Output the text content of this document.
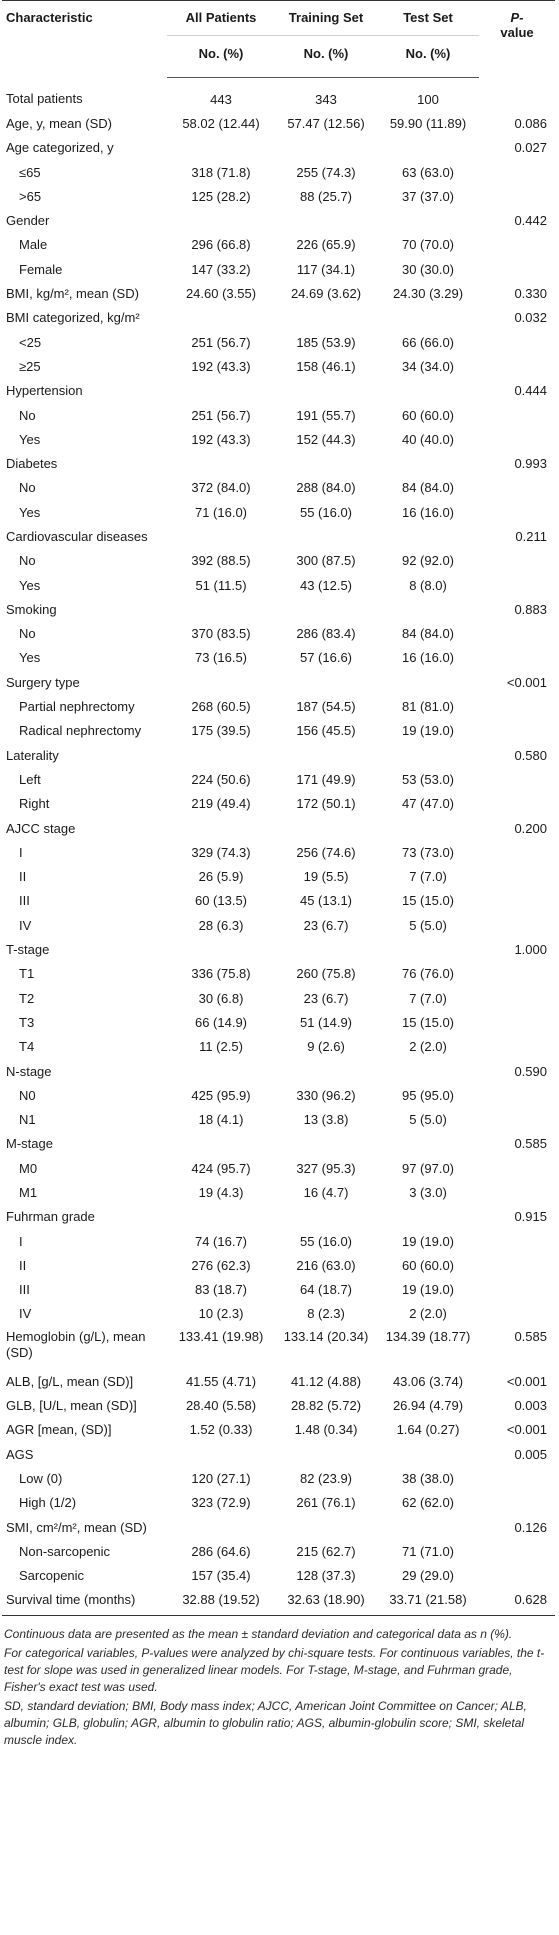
Characteristic	All Patients	Training Set	Test Set	P-
value
	No. (%)	No. (%)	No. (%)	
Total patients	443	343	100	
Age, y, mean (SD)	58.02 (12.44)	57.47 (12.56)	59.90 (11.89)	0.086
Age categorized, y				0.027
≤65	318 (71.8)	255 (74.3)	63 (63.0)	
>65	125 (28.2)	88 (25.7)	37 (37.0)	
Gender				0.442
Male	296 (66.8)	226 (65.9)	70 (70.0)	
Female	147 (33.2)	117 (34.1)	30 (30.0)	
BMI, kg/m², mean (SD)	24.60 (3.55)	24.69 (3.62)	24.30 (3.29)	0.330
BMI categorized, kg/m²				0.032
<25	251 (56.7)	185 (53.9)	66 (66.0)	
≥25	192 (43.3)	158 (46.1)	34 (34.0)	
Hypertension				0.444
No	251 (56.7)	191 (55.7)	60 (60.0)	
Yes	192 (43.3)	152 (44.3)	40 (40.0)	
Diabetes				0.993
No	372 (84.0)	288 (84.0)	84 (84.0)	
Yes	71 (16.0)	55 (16.0)	16 (16.0)	
Cardiovascular diseases				0.211
No	392 (88.5)	300 (87.5)	92 (92.0)	
Yes	51 (11.5)	43 (12.5)	8 (8.0)	
Smoking				0.883
No	370 (83.5)	286 (83.4)	84 (84.0)	
Yes	73 (16.5)	57 (16.6)	16 (16.0)	
Surgery type				<0.001
Partial nephrectomy	268 (60.5)	187 (54.5)	81 (81.0)	
Radical nephrectomy	175 (39.5)	156 (45.5)	19 (19.0)	
Laterality				0.580
Left	224 (50.6)	171 (49.9)	53 (53.0)	
Right	219 (49.4)	172 (50.1)	47 (47.0)	
AJCC stage				0.200
I	329 (74.3)	256 (74.6)	73 (73.0)	
II	26 (5.9)	19 (5.5)	7 (7.0)	
III	60 (13.5)	45 (13.1)	15 (15.0)	
IV	28 (6.3)	23 (6.7)	5 (5.0)	
T-stage				1.000
T1	336 (75.8)	260 (75.8)	76 (76.0)	
T2	30 (6.8)	23 (6.7)	7 (7.0)	
T3	66 (14.9)	51 (14.9)	15 (15.0)	
T4	11 (2.5)	9 (2.6)	2 (2.0)	
N-stage				0.590
N0	425 (95.9)	330 (96.2)	95 (95.0)	
N1	18 (4.1)	13 (3.8)	5 (5.0)	
M-stage				0.585
M0	424 (95.7)	327 (95.3)	97 (97.0)	
M1	19 (4.3)	16 (4.7)	3 (3.0)	
Fuhrman grade				0.915
I	74 (16.7)	55 (16.0)	19 (19.0)	
II	276 (62.3)	216 (63.0)	60 (60.0)	
III	83 (18.7)	64 (18.7)	19 (19.0)	
IV	10 (2.3)	8 (2.3)	2 (2.0)	
Hemoglobin (g/L), mean (SD)	133.41 (19.98)	133.14 (20.34)	134.39 (18.77)	0.585
ALB, [g/L, mean (SD)]	41.55 (4.71)	41.12 (4.88)	43.06 (3.74)	<0.001
GLB, [U/L, mean (SD)]	28.40 (5.58)	28.82 (5.72)	26.94 (4.79)	0.003
AGR [mean, (SD)]	1.52 (0.33)	1.48 (0.34)	1.64 (0.27)	<0.001
AGS				0.005
Low (0)	120 (27.1)	82 (23.9)	38 (38.0)	
High (1/2)	323 (72.9)	261 (76.1)	62 (62.0)	
SMI, cm²/m², mean (SD)				0.126
Non-sarcopenic	286 (64.6)	215 (62.7)	71 (71.0)	
Sarcopenic	157 (35.4)	128 (37.3)	29 (29.0)	
Survival time (months)	32.88 (19.52)	32.63 (18.90)	33.71 (21.58)	0.628

Continuous data are presented as the mean ± standard deviation and categorical data as n (%).

For categorical variables, P-values were analyzed by chi-square tests. For continuous variables, the t-test for slope was used in generalized linear models. For T-stage, M-stage, and Fuhrman grade, Fisher's exact test was used.

SD, standard deviation; BMI, Body mass index; AJCC, American Joint Committee on Cancer; ALB, albumin; GLB, globulin; AGR, albumin to globulin ratio; AGS, albumin-globulin score; SMI, skeletal muscle index.
